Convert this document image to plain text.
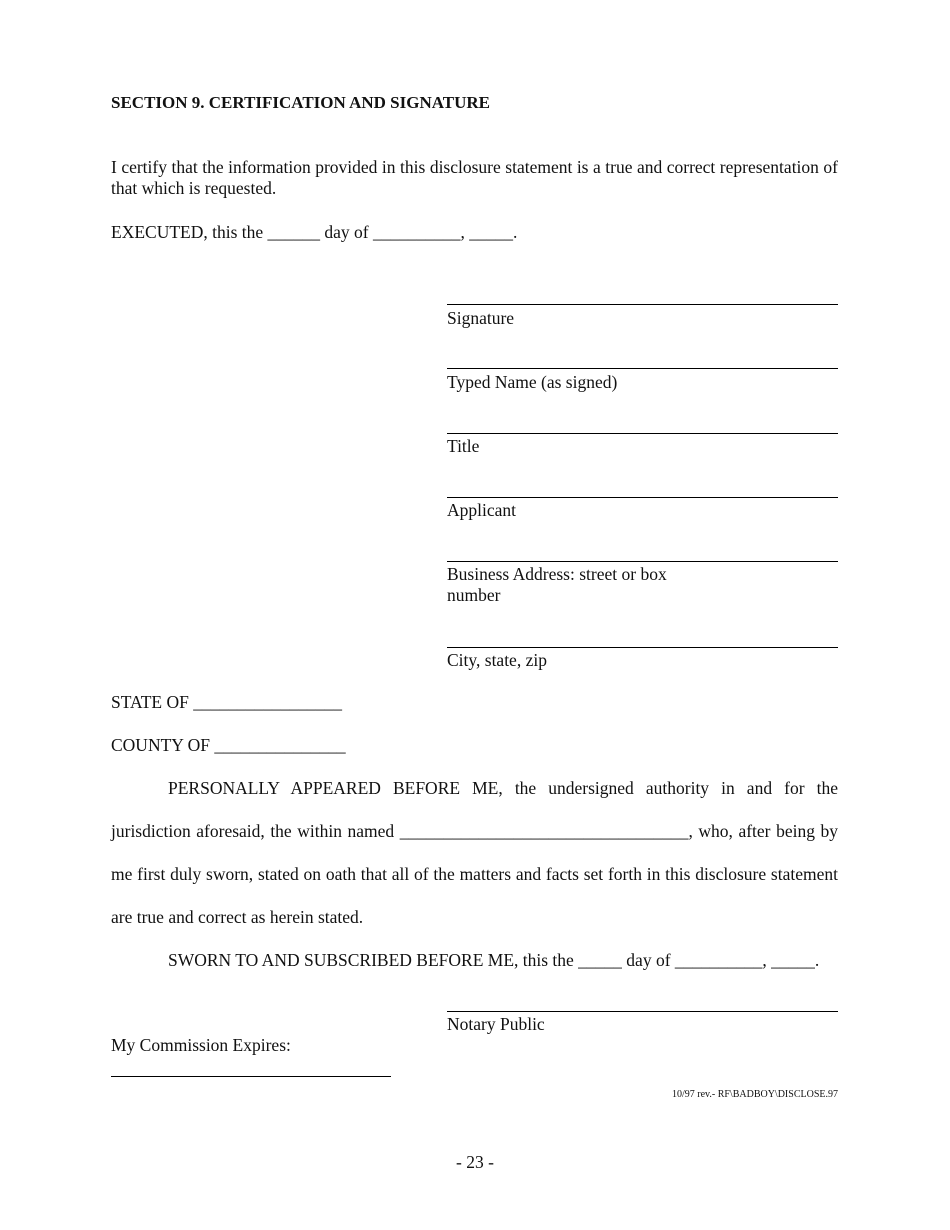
SECTION 9. CERTIFICATION AND SIGNATURE
I certify that the information provided in this disclosure statement is a true and correct representation of that which is requested.
EXECUTED, this the ______ day of __________, _____.
Signature
Typed Name (as signed)
Title
Applicant
Business Address: street or box number
City, state, zip
STATE OF _________________
COUNTY OF _______________

PERSONALLY APPEARED BEFORE ME, the undersigned authority in and for the jurisdiction aforesaid, the within named _________________________________, who, after being by me first duly sworn, stated on oath that all of the matters and facts set forth in this disclosure statement are true and correct as herein stated.

SWORN TO AND SUBSCRIBED BEFORE ME, this the _____ day of __________, _____.
Notary Public
My Commission Expires:
10/97 rev.- RF\BADBOY\DISCLOSE.97
- 23 -
